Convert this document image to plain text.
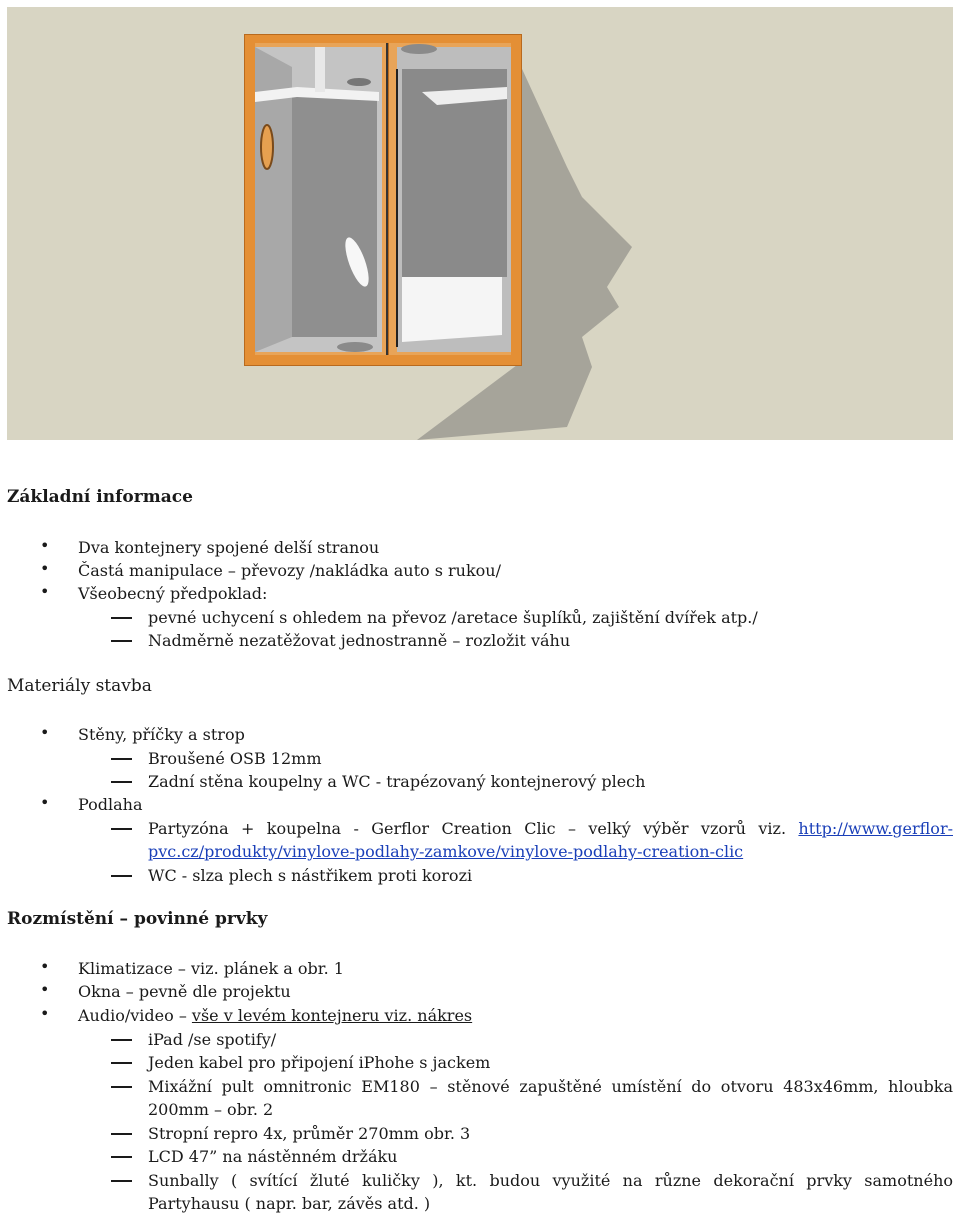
Základní informace
• Dva kontejnery spojené delší stranou
• Častá manipulace – převozy /nakládka auto s rukou/
• Všeobecný předpoklad:
pevné uchycení s ohledem na převoz /aretace šuplíků, zajištění dvířek atp./
Nadměrně nezatěžovat jednostranně – rozložit váhu
Materiály stavba
• Stěny, příčky a strop
Broušené OSB 12mm
Zadní stěna koupelny a WC - trapézovaný kontejnerový plech
• Podlaha
Partyzóna + koupelna - Gerflor Creation Clic – velký výběr vzorů viz. http://www.gerflor-
pvc.cz/produkty/vinylove-podlahy-zamkove/vinylove-podlahy-creation-clic
WC - slza plech s nástřikem proti korozi
Rozmístění – povinné prvky
• Klimatizace – viz. plánek a obr. 1
• Okna – pevně dle projektu
• Audio/video – vše v levém kontejneru viz. nákres
iPad /se spotify/
Jeden kabel pro připojení iPhohe s jackem
Mixážní pult omnitronic EM180 – stěnové zapuštěné umístění do otvoru 483x46mm, hloubka
200mm – obr. 2
Stropní repro 4x, průměr 270mm obr. 3
LCD 47” na nástěnném držáku
Sunbally ( svítící žluté kuličky ), kt. budou využité na různe dekorační prvky samotného
Partyhausu ( napr. bar, závěs atd. )
